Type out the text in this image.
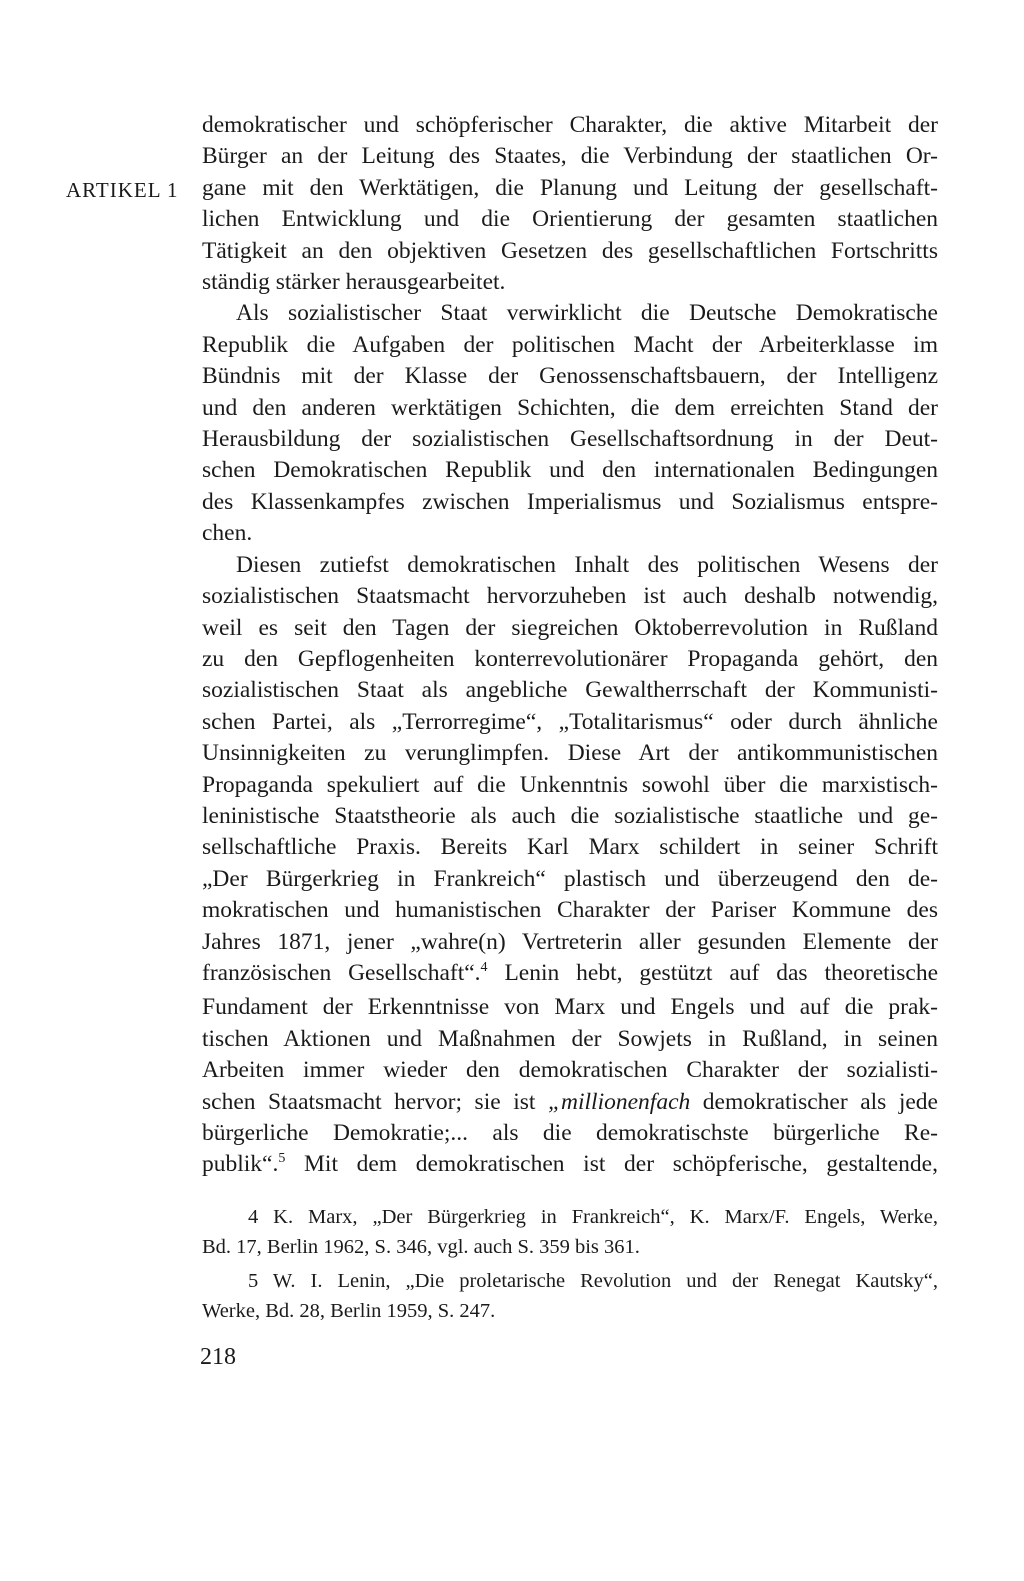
ARTIKEL 1
demokratischer und schöpferischer Charakter, die aktive Mitarbeit der
Bürger an der Leitung des Staates, die Verbindung der staatlichen Or-
gane mit den Werktätigen, die Planung und Leitung der gesellschaft-
lichen Entwicklung und die Orientierung der gesamten staatlichen
Tätigkeit an den objektiven Gesetzen des gesellschaftlichen Fortschritts
ständig stärker herausgearbeitet.
Als sozialistischer Staat verwirklicht die Deutsche Demokratische
Republik die Aufgaben der politischen Macht der Arbeiterklasse im
Bündnis mit der Klasse der Genossenschaftsbauern, der Intelligenz
und den anderen werktätigen Schichten, die dem erreichten Stand der
Herausbildung der sozialistischen Gesellschaftsordnung in der Deut-
schen Demokratischen Republik und den internationalen Bedingungen
des Klassenkampfes zwischen Imperialismus und Sozialismus entspre-
chen.
Diesen zutiefst demokratischen Inhalt des politischen Wesens der
sozialistischen Staatsmacht hervorzuheben ist auch deshalb notwendig,
weil es seit den Tagen der siegreichen Oktoberrevolution in Rußland
zu den Gepflogenheiten konterrevolutionärer Propaganda gehört, den
sozialistischen Staat als angebliche Gewaltherrschaft der Kommunisti-
schen Partei, als „Terrorregime“, „Totalitarismus“ oder durch ähnliche
Unsinnigkeiten zu verunglimpfen. Diese Art der antikommunistischen
Propaganda spekuliert auf die Unkenntnis sowohl über die marxistisch-
leninistische Staatstheorie als auch die sozialistische staatliche und ge-
sellschaftliche Praxis. Bereits Karl Marx schildert in seiner Schrift
„Der Bürgerkrieg in Frankreich“ plastisch und überzeugend den de-
mokratischen und humanistischen Charakter der Pariser Kommune des
Jahres 1871, jener „wahre(n) Vertreterin aller gesunden Elemente der
französischen Gesellschaft“.$^4$ Lenin hebt, gestützt auf das theoretische
Fundament der Erkenntnisse von Marx und Engels und auf die prak-
tischen Aktionen und Maßnahmen der Sowjets in Rußland, in seinen
Arbeiten immer wieder den demokratischen Charakter der sozialisti-
schen Staatsmacht hervor; sie ist „millionenfach demokratischer als jede
bürgerliche Demokratie;... als die demokratischste bürgerliche Re-
publik“.$^5$ Mit dem demokratischen ist der schöpferische, gestaltende,
4 K. Marx, „Der Bürgerkrieg in Frankreich“, K. Marx/F. Engels, Werke,
Bd. 17, Berlin 1962, S. 346, vgl. auch S. 359 bis 361.
5 W. I. Lenin, „Die proletarische Revolution und der Renegat Kautsky“,
Werke, Bd. 28, Berlin 1959, S. 247.
218
